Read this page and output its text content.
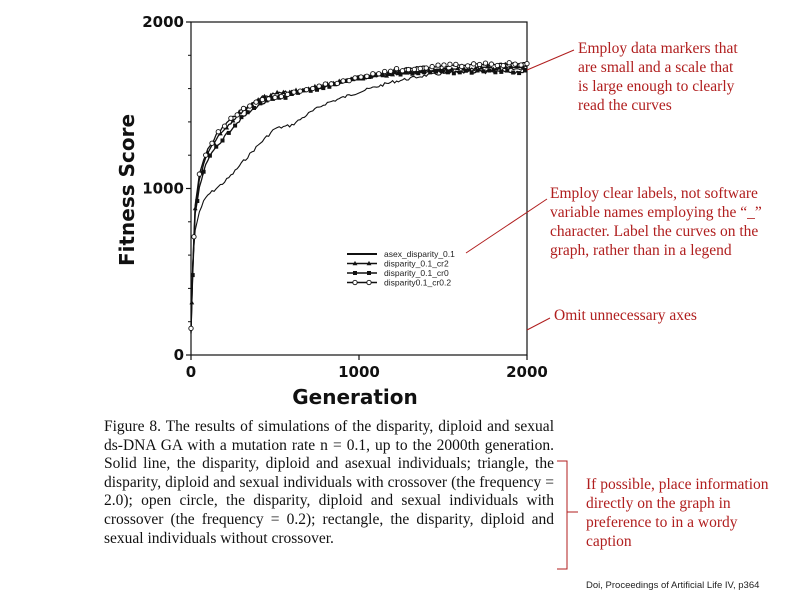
0
1000
2000
0	1000	2000
asex_disparity_0.1
disparity_0.1_cr2
disparity_0.1_cr0
disparity0.1_cr0.2
Generation
Fitness Score
Figure 8. The results of simulations of the disparity, diploid and sexual ds-DNA GA with a mutation rate n = 0.1, up to the 2000th generation. Solid line, the disparity, diploid and asexual individuals; triangle, the disparity, diploid and sexual individuals with crossover (the frequency = 2.0); open circle, the disparity, diploid and sexual individuals with crossover (the frequency = 0.2); rectangle, the disparity, diploid and sexual individuals without crossover.
Employ data markers that are small and a scale that is large enough to clearly read the curves
Employ clear labels, not software variable names employing the “_” character. Label the curves on the graph, rather than in a legend
Omit unnecessary axes
If possible, place information directly on the graph in preference to in a wordy caption
Doi, Proceedings of Artificial Life IV, p364
